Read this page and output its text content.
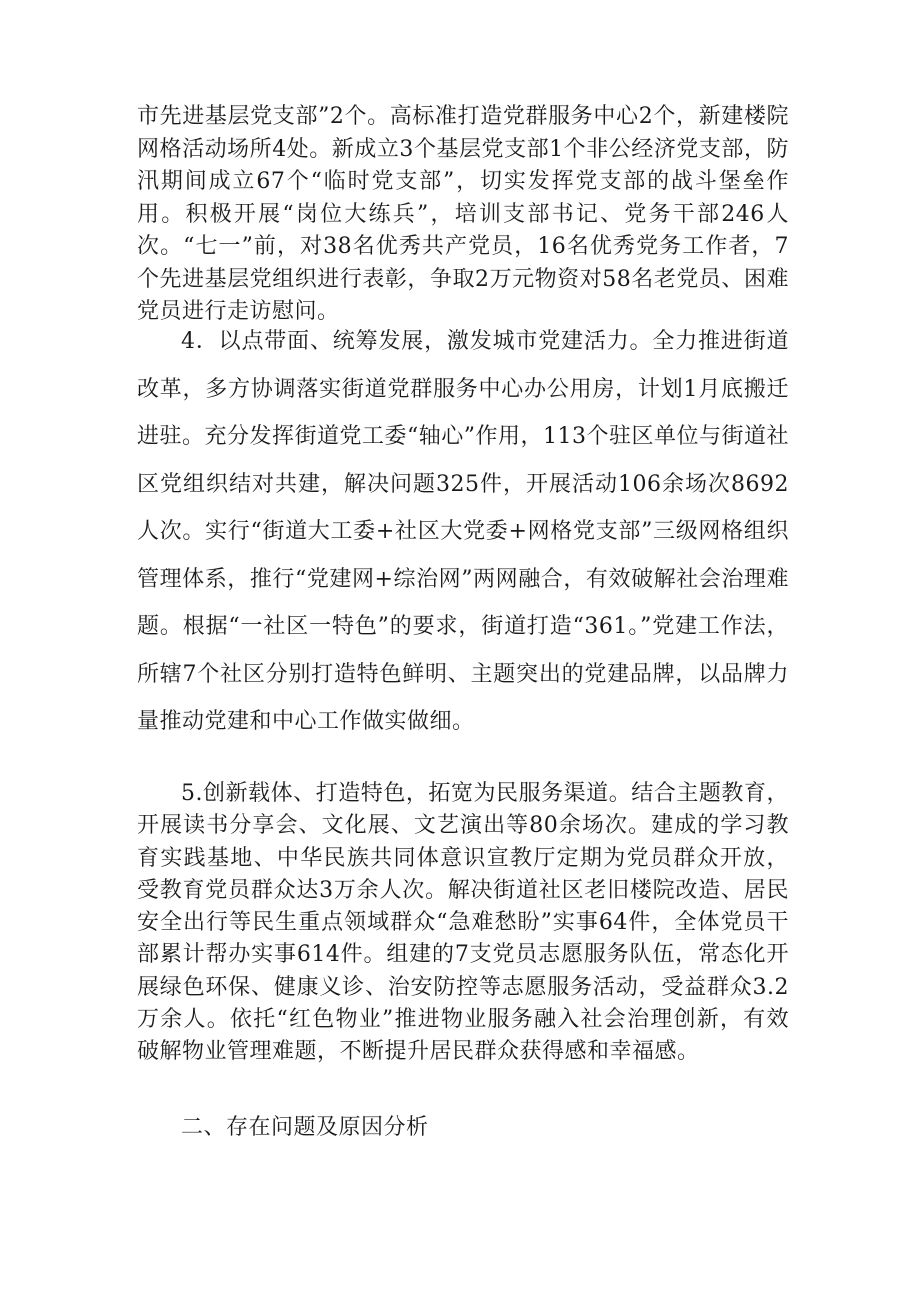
市先进基层党支部”2个。高标准打造党群服务中心2个，新建楼院网格活动场所4处。新成立3个基层党支部1个非公经济党支部，防汛期间成立67个“临时党支部”，切实发挥党支部的战斗堡垒作用。积极开展“岗位大练兵”，培训支部书记、党务干部246人次。“七一”前，对38名优秀共产党员，16名优秀党务工作者，7个先进基层党组织进行表彰，争取2万元物资对58名老党员、困难党员进行走访慰问。

4．以点带面、统筹发展，激发城市党建活力。全力推进街道改革，多方协调落实街道党群服务中心办公用房，计划1月底搬迁进驻。充分发挥街道党工委“轴心”作用，113个驻区单位与街道社区党组织结对共建，解决问题325件，开展活动106余场次8692人次。实行“街道大工委+社区大党委+网格党支部”三级网格组织管理体系，推行“党建网+综治网”两网融合，有效破解社会治理难题。根据“一社区一特色”的要求，街道打造“361。”党建工作法，所辖7个社区分别打造特色鲜明、主题突出的党建品牌，以品牌力量推动党建和中心工作做实做细。

5.创新载体、打造特色，拓宽为民服务渠道。结合主题教育，开展读书分享会、文化展、文艺演出等80余场次。建成的学习教育实践基地、中华民族共同体意识宣教厅定期为党员群众开放，受教育党员群众达3万余人次。解决街道社区老旧楼院改造、居民安全出行等民生重点领域群众“急难愁盼”实事64件，全体党员干部累计帮办实事614件。组建的7支党员志愿服务队伍，常态化开展绿色环保、健康义诊、治安防控等志愿服务活动，受益群众3.2万余人。依托“红色物业”推进物业服务融入社会治理创新，有效破解物业管理难题，不断提升居民群众获得感和幸福感。

二、存在问题及原因分析
